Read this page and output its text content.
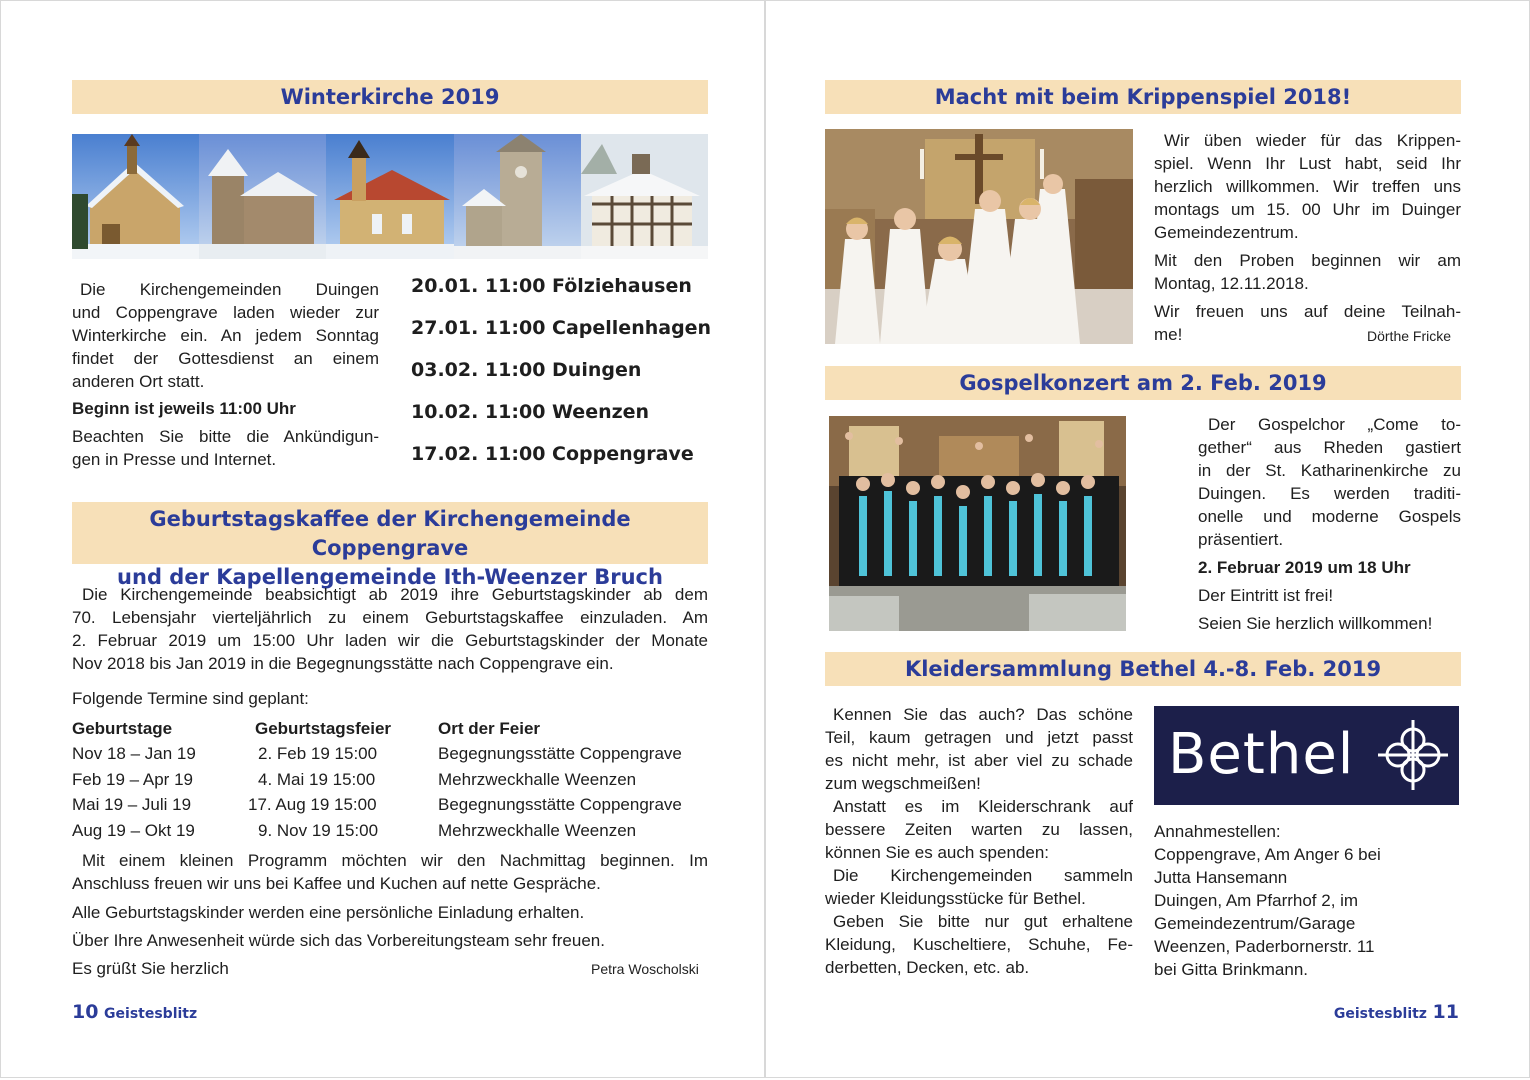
Winterkirche 2019
Die Kirchengemeinden Duingen
und Coppengrave laden wieder zur
Winterkirche ein. An jedem Sonntag
findet der Gottesdienst an einem
anderen Ort statt.
Beginn ist jeweils 11:00 Uhr
Beachten Sie bitte die Ankündigun-
gen in Presse und Internet.
20.01. 11:00 Fölziehausen
27.01. 11:00 Capellenhagen
03.02. 11:00 Duingen
10.02. 11:00 Weenzen
17.02. 11:00 Coppengrave
Geburtstagskaffee der Kirchengemeinde Coppengrave
und der Kapellengemeinde Ith-Weenzer Bruch
Die Kirchengemeinde beabsichtigt ab 2019 ihre Geburtstagskinder ab dem
70. Lebensjahr vierteljährlich zu einem Geburtstagskaffee einzuladen. Am
2. Februar 2019 um 15:00 Uhr laden wir die Geburtstagskinder der Monate
Nov 2018 bis Jan 2019 in die Begegnungsstätte nach Coppengrave ein.
Folgende Termine sind geplant:
Geburtstage	Geburtstagsfeier	Ort der Feier
Nov 18 – Jan 19	2. Feb 19 15:00	Begegnungsstätte Coppengrave
Feb 19 – Apr 19	4. Mai 19 15:00	Mehrzweckhalle Weenzen
Mai 19 – Juli 19	17. Aug 19 15:00	Begegnungsstätte Coppengrave
Aug 19 – Okt 19	9. Nov 19 15:00	Mehrzweckhalle Weenzen
Mit einem kleinen Programm möchten wir den Nachmittag beginnen. Im
Anschluss freuen wir uns bei Kaffee und Kuchen auf nette Gespräche.
Alle Geburtstagskinder werden eine persönliche Einladung erhalten.
Über Ihre Anwesenheit würde sich das Vorbereitungsteam sehr freuen.
Es grüßt Sie herzlich	Petra Woscholski
10 Geistesblitz
Macht mit beim Krippenspiel 2018!
Wir üben wieder für das Krippen-
spiel. Wenn Ihr Lust habt, seid Ihr
herzlich willkommen. Wir treffen uns
montags um 15. 00 Uhr im Duinger
Gemeindezentrum.
Mit den Proben beginnen wir am
Montag, 12.11.2018.
Wir freuen uns auf deine Teilnah-
me!	Dörthe Fricke
Gospelkonzert am 2. Feb. 2019
Der Gospelchor „Come to-
gether“ aus Rheden gastiert
in der St. Katharinenkirche zu
Duingen. Es werden traditi-
onelle und moderne Gospels
präsentiert.
2. Februar 2019 um 18 Uhr
Der Eintritt ist frei!
Seien Sie herzlich willkommen!
Kleidersammlung Bethel 4.-8. Feb. 2019
Kennen Sie das auch? Das schöne
Teil, kaum getragen und jetzt passt
es nicht mehr, ist aber viel zu schade
zum wegschmeißen!
Anstatt es im Kleiderschrank auf
bessere Zeiten warten zu lassen,
können Sie es auch spenden:
Die Kirchengemeinden sammeln
wieder Kleidungsstücke für Bethel.
Geben Sie bitte nur gut erhaltene
Kleidung, Kuscheltiere, Schuhe, Fe-
derbetten, Decken, etc. ab.
Bethel
Annahmestellen:
Coppengrave, Am Anger 6 bei
Jutta Hansemann
Duingen, Am Pfarrhof 2, im
Gemeindezentrum/Garage
Weenzen, Paderbornerstr. 11
bei Gitta Brinkmann.
Geistesblitz 11
